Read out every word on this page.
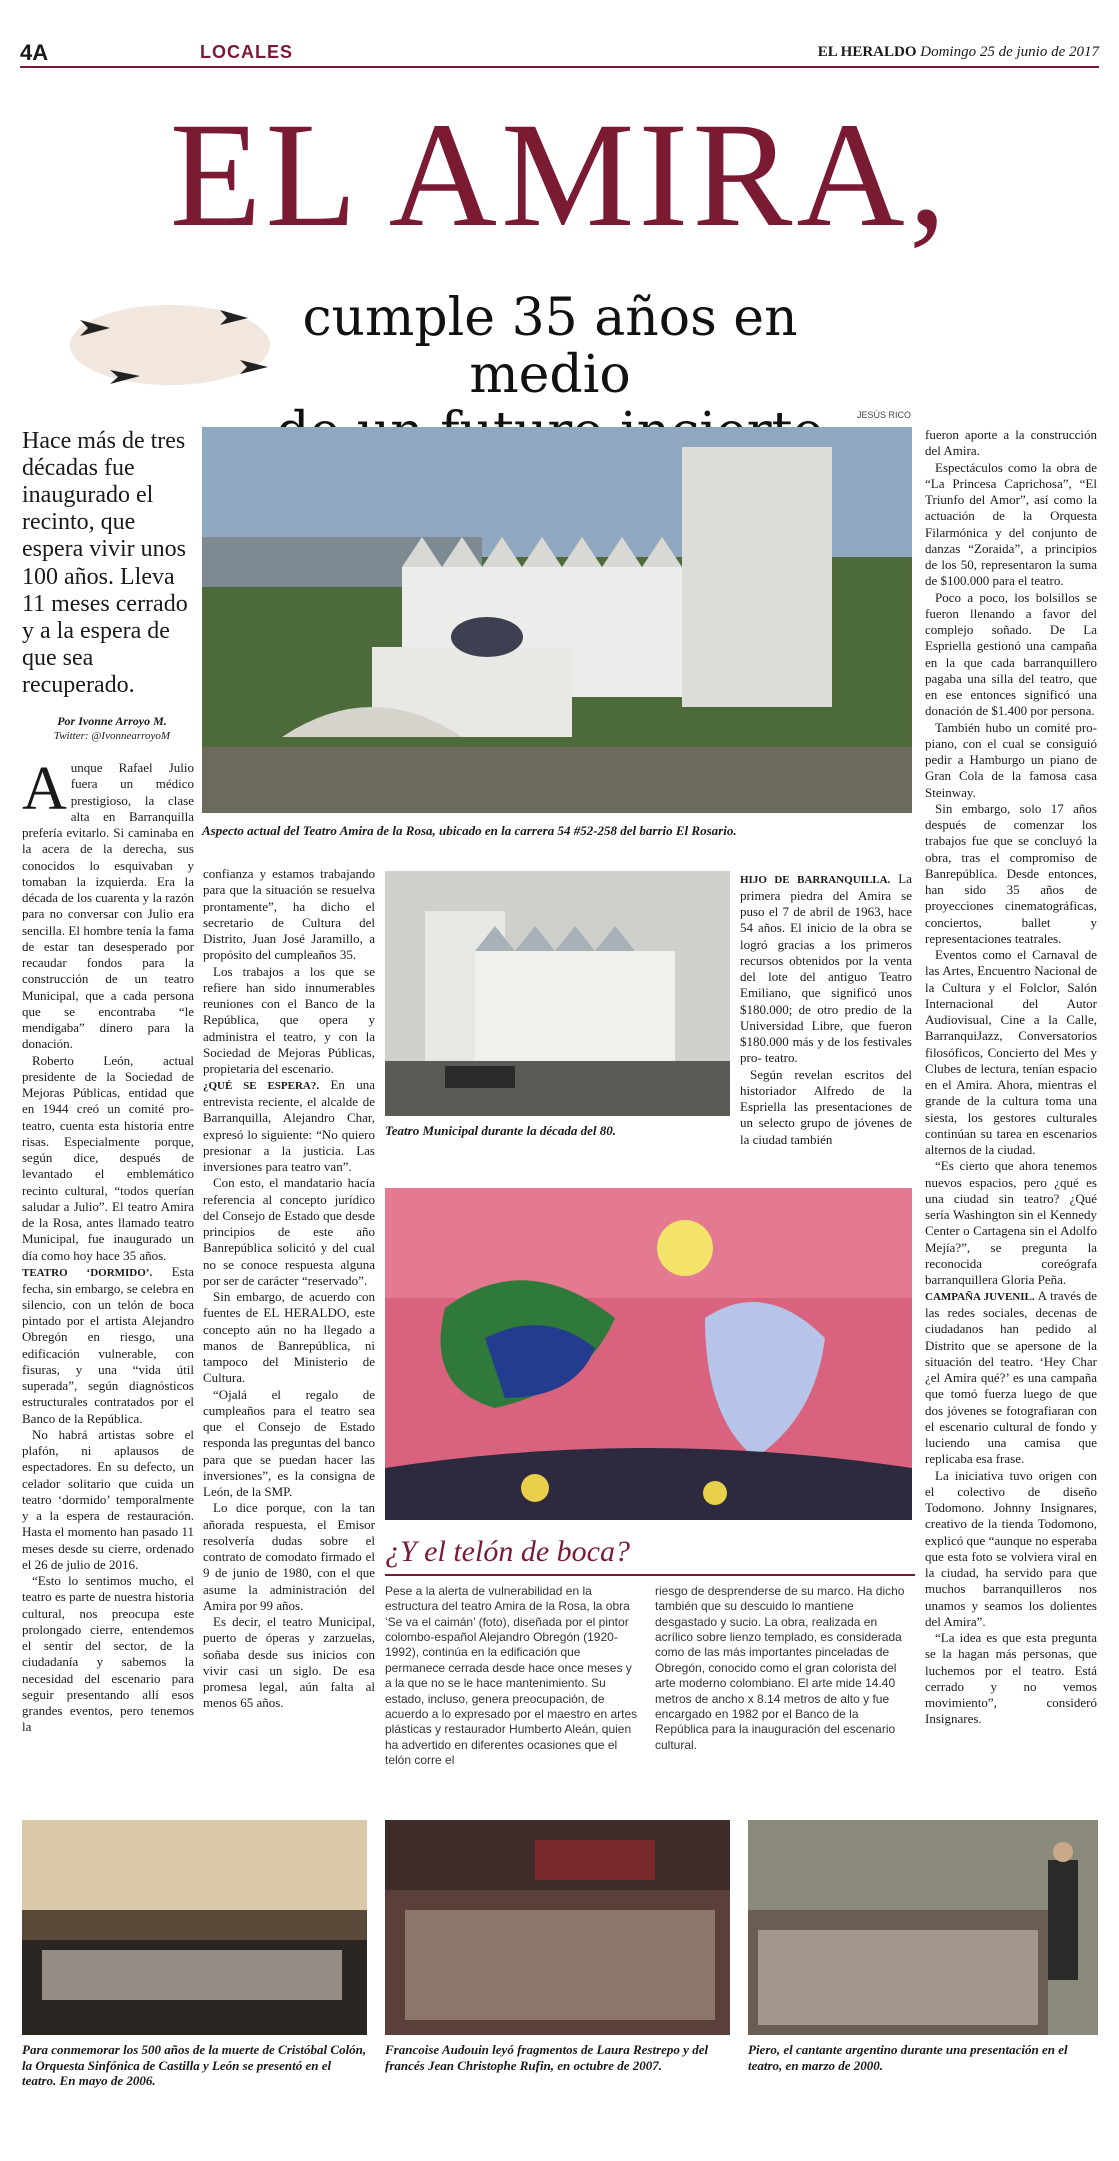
4A	LOCALES	EL HERALDO Domingo 25 de junio de 2017
EL AMIRA,
cumple 35 años en medio
JESÚS RICO
Hace más de tres décadas fue inaugurado el recinto, que espera vivir unos 100 años. Lleva 11 meses cerrado y a la espera de que sea recuperado.
Por Ivonne Arroyo M.
Twitter: @IvonnearroyoM
Aspecto actual del Teatro Amira de la Rosa, ubicado en la carrera 54 #52-258 del barrio El Rosario.

Aunque Rafael Julio fuera un médico prestigioso, la clase alta en Barranquilla prefería evitarlo. Si caminaba en la acera de la derecha, sus conocidos lo esquivaban y tomaban la izquierda. Era la década de los cuarenta y la razón para no conversar con Julio era sencilla. El hombre tenía la fama de estar tan desesperado por recaudar fondos para la construcción de un teatro Municipal, que a cada persona que se encontraba “le mendigaba” dinero para la donación.

Roberto León, actual presidente de la Sociedad de Mejoras Públicas, entidad que en 1944 creó un comité pro-teatro, cuenta esta historia entre risas. Especialmente porque, según dice, después de levantado el emblemático recinto cultural, “todos querían saludar a Julio”. El teatro Amira de la Rosa, antes llamado teatro Municipal, fue inaugurado un día como hoy hace 35 años.

TEATRO ‘DORMIDO’. Esta fecha, sin embargo, se celebra en silencio, con un telón de boca pintado por el artista Alejandro Obregón en riesgo, una edificación vulnerable, con fisuras, y una “vida útil superada”, según diagnósticos estructurales contratados por el Banco de la República.

No habrá artistas sobre el plafón, ni aplausos de espectadores. En su defecto, un celador solitario que cuida un teatro ‘dormido’ temporalmente y a la espera de restauración. Hasta el momento han pasado 11 meses desde su cierre, ordenado el 26 de julio de 2016.

“Esto lo sentimos mucho, el teatro es parte de nuestra historia cultural, nos preocupa este prolongado cierre, entendemos el sentir del sector, de la ciudadanía y sabemos la necesidad del escenario para seguir presentando allí esos grandes eventos, pero tenemos la

confianza y estamos trabajando para que la situación se resuelva prontamente”, ha dicho el secretario de Cultura del Distrito, Juan José Jaramillo, a propósito del cumpleaños 35.

Los trabajos a los que se refiere han sido innumerables reuniones con el Banco de la República, que opera y administra el teatro, y con la Sociedad de Mejoras Públicas, propietaria del escenario.

¿QUÉ SE ESPERA?. En una entrevista reciente, el alcalde de Barranquilla, Alejandro Char, expresó lo siguiente: “No quiero presionar a la justicia. Las inversiones para teatro van”.

Con esto, el mandatario hacía referencia al concepto jurídico del Consejo de Estado que desde principios de este año Banrepública solicitó y del cual no se conoce respuesta alguna por ser de carácter “reservado”.

Sin embargo, de acuerdo con fuentes de EL HERALDO, este concepto aún no ha llegado a manos de Banrepública, ni tampoco del Ministerio de Cultura.

“Ojalá el regalo de cumpleaños para el teatro sea que el Consejo de Estado responda las preguntas del banco para que se puedan hacer las inversiones”, es la consigna de León, de la SMP.

Lo dice porque, con la tan añorada respuesta, el Emisor resolvería dudas sobre el contrato de comodato firmado el 9 de junio de 1980, con el que asume la administración del Amira por 99 años.

Es decir, el teatro Municipal, puerto de óperas y zarzuelas, soñaba desde sus inicios con vivir casi un siglo. De esa promesa legal, aún falta al menos 65 años.

Teatro Municipal durante la década del 80.

HIJO DE BARRANQUILLA. La primera piedra del Amira se puso el 7 de abril de 1963, hace 54 años. El inicio de la obra se logró gracias a los primeros recursos obtenidos por la venta del lote del antiguo Teatro Emiliano, que significó unos $180.000; de otro predio de la Universidad Libre, que fueron $180.000 más y de los festivales pro- teatro.

Según revelan escritos del historiador Alfredo de la Espriella las presentaciones de un selecto grupo de jóvenes de la ciudad también

fueron aporte a la construcción del Amira.

Espectáculos como la obra de “La Princesa Caprichosa”, “El Triunfo del Amor”, así como la actuación de la Orquesta Filarmónica y del conjunto de danzas “Zoraida”, a principios de los 50, representaron la suma de $100.000 para el teatro.

Poco a poco, los bolsillos se fueron llenando a favor del complejo soñado. De La Espriella gestionó una campaña en la que cada barranquillero pagaba una silla del teatro, que en ese entonces significó una donación de $1.400 por persona.

También hubo un comité pro-piano, con el cual se consiguió pedir a Hamburgo un piano de Gran Cola de la famosa casa Steinway.

Sin embargo, solo 17 años después de comenzar los trabajos fue que se concluyó la obra, tras el compromiso de Banrepública. Desde entonces, han sido 35 años de proyecciones cinematográficas, conciertos, ballet y representaciones teatrales.

Eventos como el Carnaval de las Artes, Encuentro Nacional de la Cultura y el Folclor, Salón Internacional del Autor Audiovisual, Cine a la Calle, BarranquiJazz, Conversatorios filosóficos, Concierto del Mes y Clubes de lectura, tenían espacio en el Amira. Ahora, mientras el grande de la cultura toma una siesta, los gestores culturales continúan su tarea en escenarios alternos de la ciudad.

“Es cierto que ahora tenemos nuevos espacios, pero ¿qué es una ciudad sin teatro? ¿Qué sería Washington sin el Kennedy Center o Cartagena sin el Adolfo Mejía?”, se pregunta la reconocida coreógrafa barranquillera Gloria Peña.

CAMPAÑA JUVENIL. A través de las redes sociales, decenas de ciudadanos han pedido al Distrito que se apersone de la situación del teatro. ‘Hey Char ¿el Amira qué?’ es una campaña que tomó fuerza luego de que dos jóvenes se fotografiaran con el escenario cultural de fondo y luciendo una camisa que replicaba esa frase.

La iniciativa tuvo origen con el colectivo de diseño Todomono. Johnny Insignares, creativo de la tienda Todomono, explicó que “aunque no esperaba que esta foto se volviera viral en la ciudad, ha servido para que muchos barranquilleros nos unamos y seamos los dolientes del Amira”.

“La idea es que esta pregunta se la hagan más personas, que luchemos por el teatro. Está cerrado y no vemos movimiento”, consideró Insignares.

¿Y el telón de boca?
Pese a la alerta de vulnerabilidad en la estructura del teatro Amira de la Rosa, la obra ‘Se va el caimán’ (foto), diseñada por el pintor colombo-español Alejandro Obregón (1920-1992), continúa en la edificación que permanece cerrada desde hace once meses y a la que no se le hace mantenimiento. Su estado, incluso, genera preocupación, de acuerdo a lo expresado por el maestro en artes plásticas y restaurador Humberto Aleán, quien ha advertido en diferentes ocasiones que el telón corre el
riesgo de desprenderse de su marco. Ha dicho también que su descuido lo mantiene desgastado y sucio. La obra, realizada en acrílico sobre lienzo templado, es considerada como de las más importantes pinceladas de Obregón, conocido como el gran colorista del arte moderno colombiano. El arte mide 14.40 metros de ancho x 8.14 metros de alto y fue encargado en 1982 por el Banco de la República para la inauguración del escenario cultural.
Para conmemorar los 500 años de la muerte de Cristóbal Colón, la Orquesta Sinfónica de Castilla y León se presentó en el teatro. En mayo de 2006.
Francoise Audouin leyó fragmentos de Laura Restrepo y del francés Jean Christophe Rufin, en octubre de 2007.
Piero, el cantante argentino durante una presentación en el teatro, en marzo de 2000.
